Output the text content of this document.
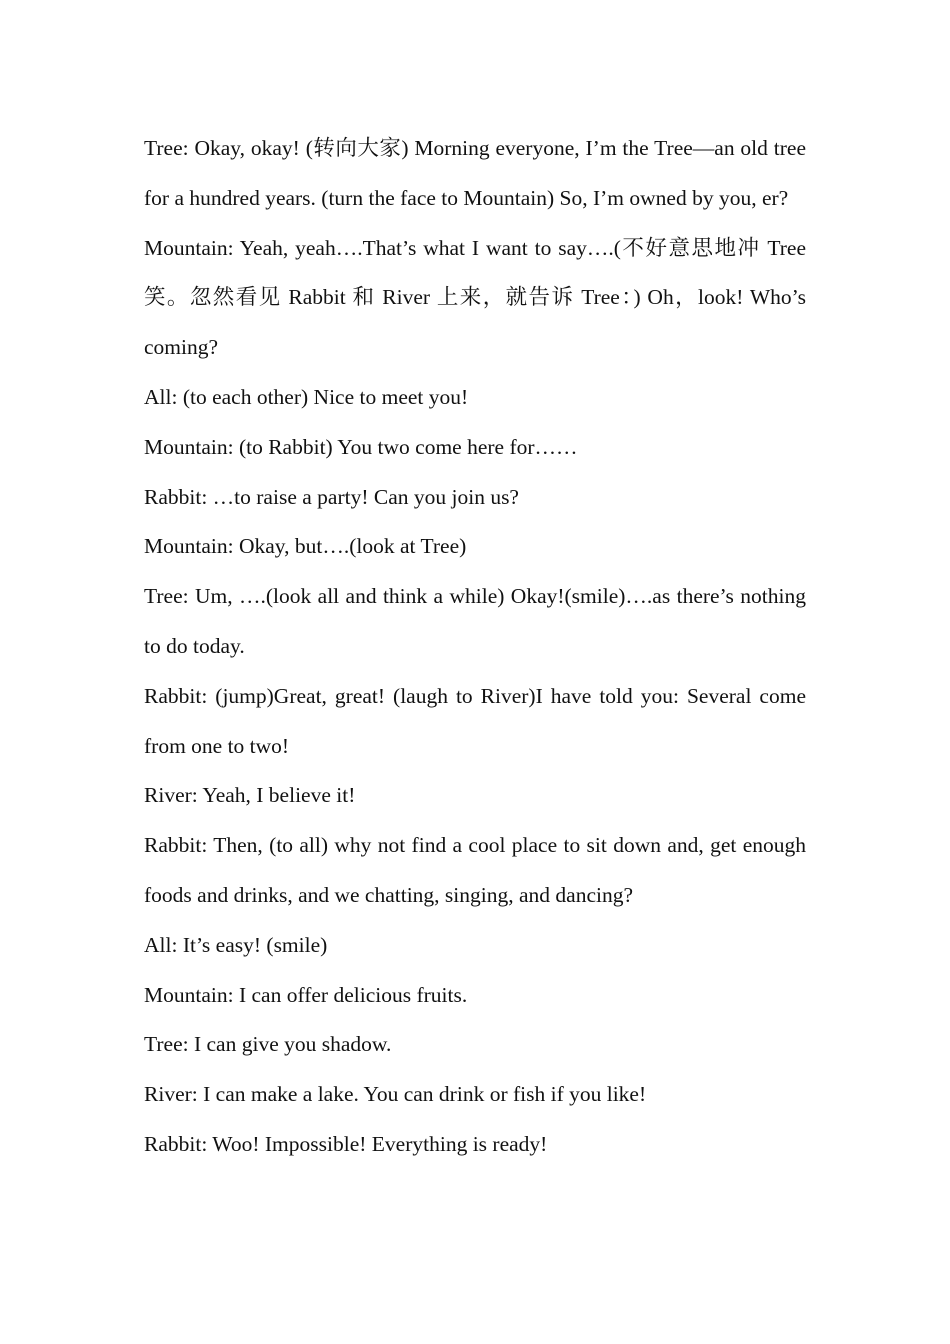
Tree: Okay, okay! (转向大家) Morning everyone, I’m the Tree—an old tree for a hundred years. (turn the face to Mountain) So, I’m owned by you, er?

Mountain: Yeah, yeah….That’s what I want to say….(不好意思地冲 Tree 笑。忽然看见 Rabbit 和 River 上来，就告诉 Tree：) Oh，look! Who’s coming?

All: (to each other) Nice to meet you!

Mountain: (to Rabbit) You two come here for……

Rabbit: …to raise a party! Can you join us?

Mountain: Okay, but….(look at Tree)

Tree: Um, ….(look all and think a while) Okay!(smile)….as there’s nothing to do today.

Rabbit: (jump)Great, great! (laugh to River)I have told you: Several come from one to two!

River: Yeah, I believe it!

Rabbit: Then, (to all) why not find a cool place to sit down and, get enough foods and drinks, and we chatting, singing, and dancing?

All: It’s easy! (smile)

Mountain: I can offer delicious fruits.

Tree: I can give you shadow.

River: I can make a lake. You can drink or fish if you like!

Rabbit: Woo! Impossible! Everything is ready!
